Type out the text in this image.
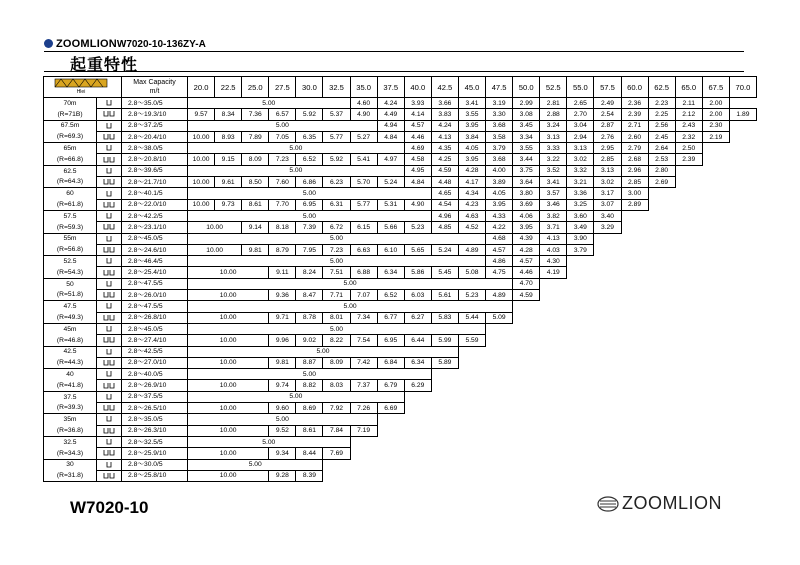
ZOOMLIONW7020-10-136ZY-A
起重特性
Hlei		Max Capacity
m/t	20.0	22.5	25.0	27.5	30.0	32.5	35.0	37.5	40.0	42.5	45.0	47.5	50.0	52.5	55.0	57.5	60.0	62.5	65.0	67.5	70.0
70m		2.8～35.0/5	5.00						4.60	4.24	3.93	3.66	3.41	3.19	2.99	2.81	2.65	2.49	2.36	2.23	2.11	2.00	
(R=71B)		2.8～19.3/10	9.57	8.34	7.36	6.57	5.92	5.37	4.90	4.49	4.14	3.83	3.55	3.30	3.08	2.88	2.70	2.54	2.39	2.25	2.12	2.00	1.89
67.5m		2.8～37.2/5	5.00							4.94	4.57	4.24	3.95	3.68	3.45	3.24	3.04	2.87	2.71	2.56	2.43	2.30	
(R=69.3)		2.8～20.4/10	10.00	8.93	7.89	7.05	6.35	5.77	5.27	4.84	4.46	4.13	3.84	3.58	3.34	3.13	2.94	2.76	2.60	2.45	2.32	2.19	
65m		2.8～38.0/5	5.00								4.69	4.35	4.05	3.79	3.55	3.33	3.13	2.95	2.79	2.64	2.50		
(R=66.8)		2.8～20.8/10	10.00	9.15	8.09	7.23	6.52	5.92	5.41	4.97	4.58	4.25	3.95	3.68	3.44	3.22	3.02	2.85	2.68	2.53	2.39		
62.5		2.8～39.6/5	5.00								4.95	4.59	4.28	4.00	3.75	3.52	3.32	3.13	2.96	2.80			
(R=64.3)		2.8～21.7/10	10.00	9.61	8.50	7.60	6.86	6.23	5.70	5.24	4.84	4.48	4.17	3.89	3.64	3.41	3.21	3.02	2.85	2.69			
60		2.8～40.1/5	5.00									4.65	4.34	4.05	3.80	3.57	3.36	3.17	3.00				
(R=61.8)		2.8～22.0/10	10.00	9.73	8.61	7.70	6.95	6.31	5.77	5.31	4.90	4.54	4.23	3.95	3.69	3.46	3.25	3.07	2.89				
57.5		2.8～42.2/5	5.00									4.96	4.63	4.33	4.06	3.82	3.60	3.40					
(R=59.3)		2.8～23.1/10	10.00		9.14	8.18	7.39	6.72	6.15	5.66	5.23	4.85	4.52	4.22	3.95	3.71	3.49	3.29					
55m		2.8～45.0/5	5.00											4.68	4.39	4.13	3.90						
(R=56.8)		2.8～24.6/10	10.00		9.81	8.79	7.95	7.23	6.63	6.10	5.65	5.24	4.89	4.57	4.28	4.03	3.79						
52.5		2.8～46.4/5	5.00											4.86	4.57	4.30							
(R=54.3)		2.8～25.4/10	10.00			9.11	8.24	7.51	6.88	6.34	5.86	5.45	5.08	4.75	4.46	4.19							
50		2.8～47.5/5	5.00												4.70								
(R=51.8)		2.8～26.0/10	10.00			9.36	8.47	7.71	7.07	6.52	6.03	5.61	5.23	4.89	4.59								
47.5		2.8～47.5/5	5.00																				
(R=49.3)		2.8～26.8/10	10.00			9.71	8.78	8.01	7.34	6.77	6.27	5.83	5.44	5.09									
45m		2.8～45.0/5	5.00																				
(R=46.8)		2.8～27.4/10	10.00			9.96	9.02	8.22	7.54	6.95	6.44	5.99	5.59										
42.5		2.8～42.5/5	5.00																				
(R=44.3)		2.8～27.0/10	10.00			9.81	8.87	8.09	7.42	6.84	6.34	5.89											
40		2.8～40.0/5	5.00																				
(R=41.8)		2.8～26.9/10	10.00			9.74	8.82	8.03	7.37	6.79	6.29												
37.5		2.8～37.5/5	5.00																				
(R=39.3)		2.8～26.5/10	10.00			9.60	8.69	7.92	7.26	6.69													
35m		2.8～35.0/5	5.00																				
(R=36.8)		2.8～26.3/10	10.00			9.52	8.61	7.84	7.19														
32.5		2.8～32.5/5	5.00																				
(R=34.3)		2.8～25.9/10	10.00			9.34	8.44	7.69															
30		2.8～30.0/5	5.00																				
(R=31.8)		2.8～25.8/10	10.00			9.28	8.39																
W7020-10	ZOOMLION
